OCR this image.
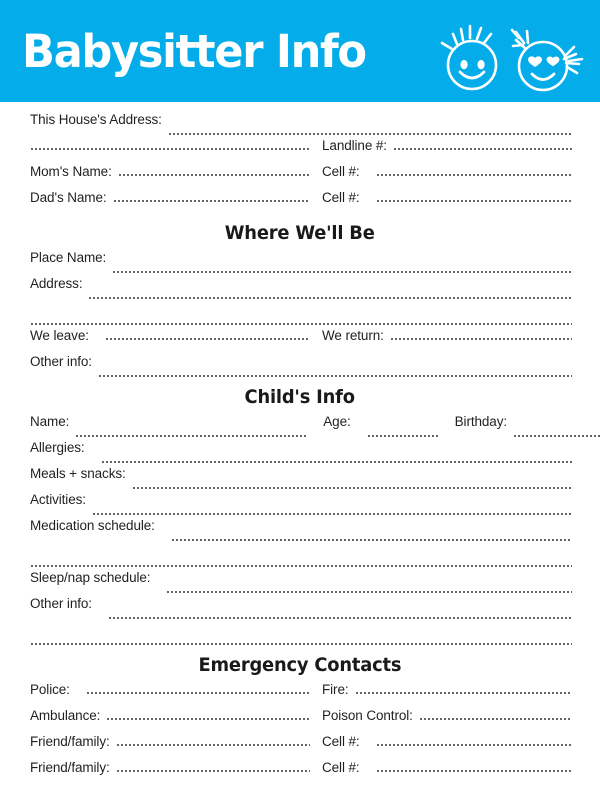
Babysitter Info
This House's Address:
Landline #:
Mom's Name:	Cell #:
Dad's Name:	Cell #:
Where We'll Be
Place Name:
Address:
We leave:	We return:
Other info:
Child's Info
Name:	Age:	Birthday:
Allergies:
Meals + snacks:
Activities:
Medication schedule:
Sleep/nap schedule:
Other info:
Emergency Contacts
Police:	Fire:
Ambulance:	Poison Control:
Friend/family:	Cell #:
Friend/family:	Cell #:
